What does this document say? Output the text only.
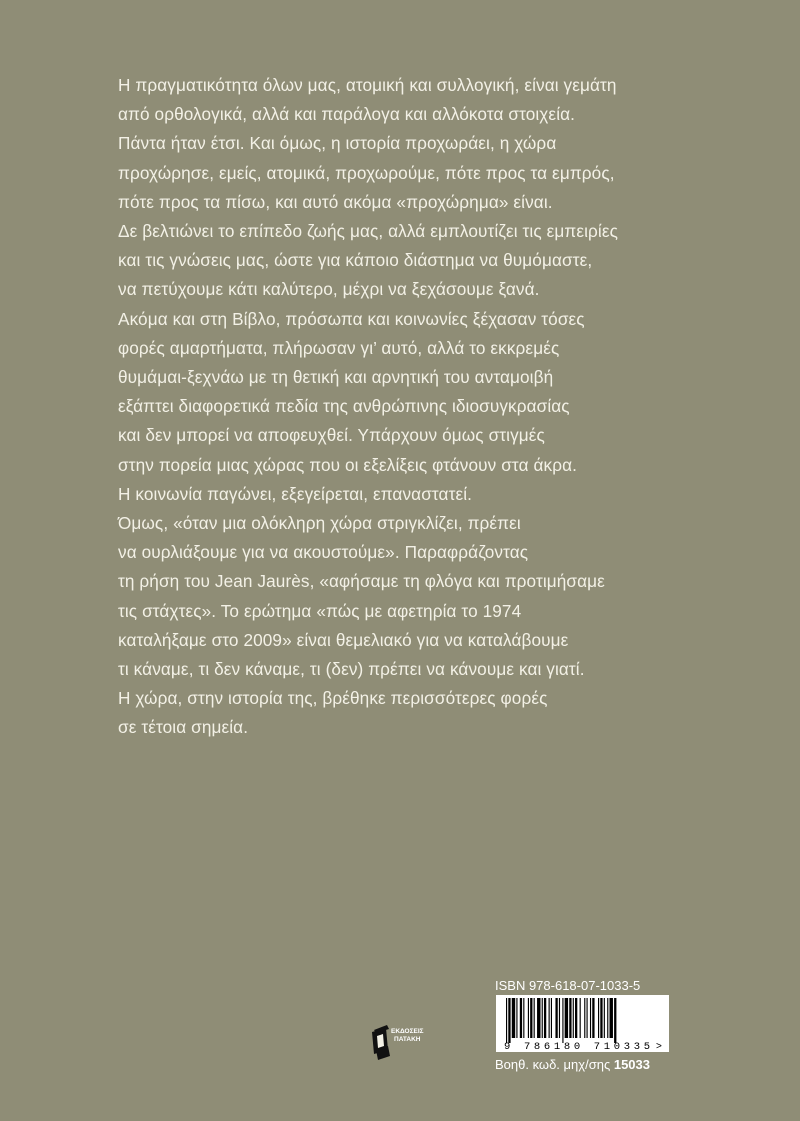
Η πραγματικότητα όλων μας, ατομική και συλλογική, είναι γεμάτη
από ορθολογικά, αλλά και παράλογα και αλλόκοτα στοιχεία.
Πάντα ήταν έτσι. Και όμως, η ιστορία προχωράει, η χώρα
προχώρησε, εμείς, ατομικά, προχωρούμε, πότε προς τα εμπρός,
πότε προς τα πίσω, και αυτό ακόμα «προχώρημα» είναι.
Δε βελτιώνει το επίπεδο ζωής μας, αλλά εμπλουτίζει τις εμπειρίες
και τις γνώσεις μας, ώστε για κάποιο διάστημα να θυμόμαστε,
να πετύχουμε κάτι καλύτερο, μέχρι να ξεχάσουμε ξανά.
Ακόμα και στη Βίβλο, πρόσωπα και κοινωνίες ξέχασαν τόσες
φορές αμαρτήματα, πλήρωσαν γι’ αυτό, αλλά το εκκρεμές
θυμάμαι-ξεχνάω με τη θετική και αρνητική του ανταμοιβή
εξάπτει διαφορετικά πεδία της ανθρώπινης ιδιοσυγκρασίας
και δεν μπορεί να αποφευχθεί. Υπάρχουν όμως στιγμές
στην πορεία μιας χώρας που οι εξελίξεις φτάνουν στα άκρα.
Η κοινωνία παγώνει, εξεγείρεται, επαναστατεί.
Όμως, «όταν μια ολόκληρη χώρα στριγκλίζει, πρέπει
να ουρλιάξουμε για να ακουστούμε». Παραφράζοντας
τη ρήση του Jean Jaurès, «αφήσαμε τη φλόγα και προτιμήσαμε
τις στάχτες». Το ερώτημα «πώς με αφετηρία το 1974
καταλήξαμε στο 2009» είναι θεμελιακό για να καταλάβουμε
τι κάναμε, τι δεν κάναμε, τι (δεν) πρέπει να κάνουμε και γιατί.
Η χώρα, στην ιστορία της, βρέθηκε περισσότερες φορές
σε τέτοια σημεία.
ΕΚΔΟΣΕΙΣ
ΠΑΤΑΚΗ
ISBN 978-618-07-1033-5
9 786180 710335 >
Βοηθ. κωδ. μηχ/σης 15033
